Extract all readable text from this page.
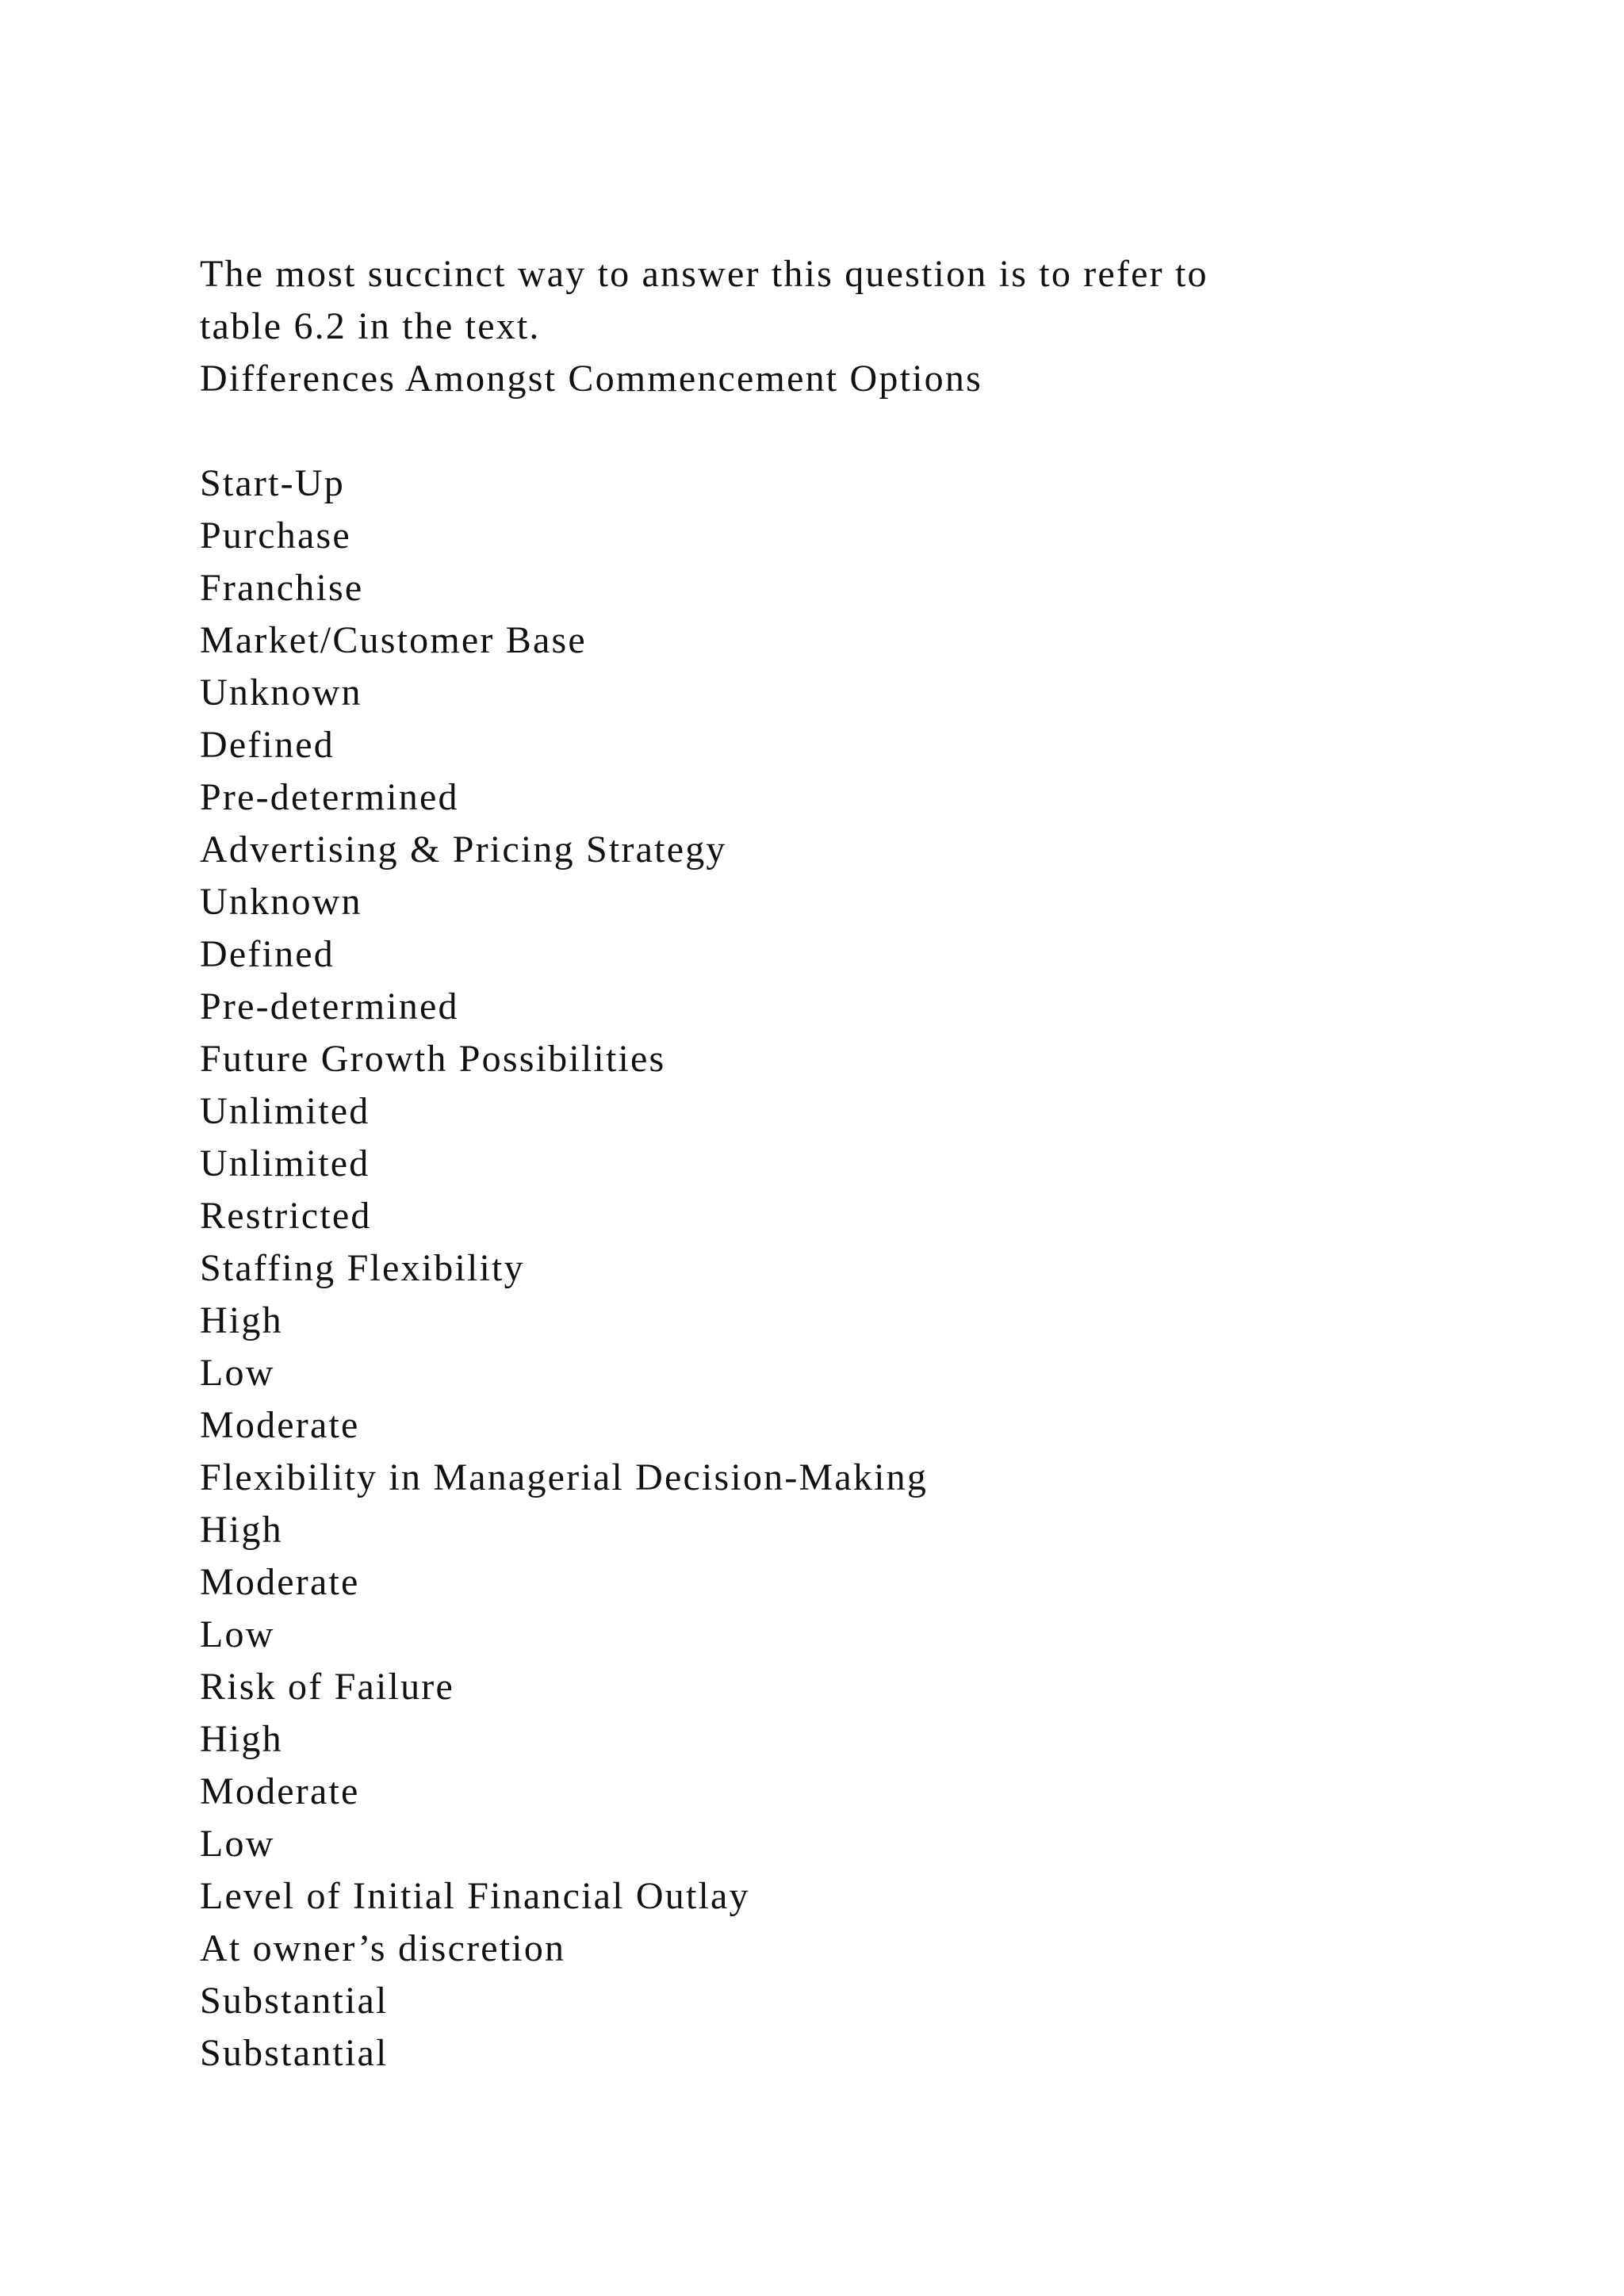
The most succinct way to answer this question is to refer to
table 6.2 in the text.
Differences Amongst Commencement Options
Start-Up
Purchase
Franchise
Market/Customer Base
Unknown
Defined
Pre-determined
Advertising & Pricing Strategy
Unknown
Defined
Pre-determined
Future Growth Possibilities
Unlimited
Unlimited
Restricted
Staffing Flexibility
High
Low
Moderate
Flexibility in Managerial Decision-Making
High
Moderate
Low
Risk of Failure
High
Moderate
Low
Level of Initial Financial Outlay
At owner’s discretion
Substantial
Substantial
